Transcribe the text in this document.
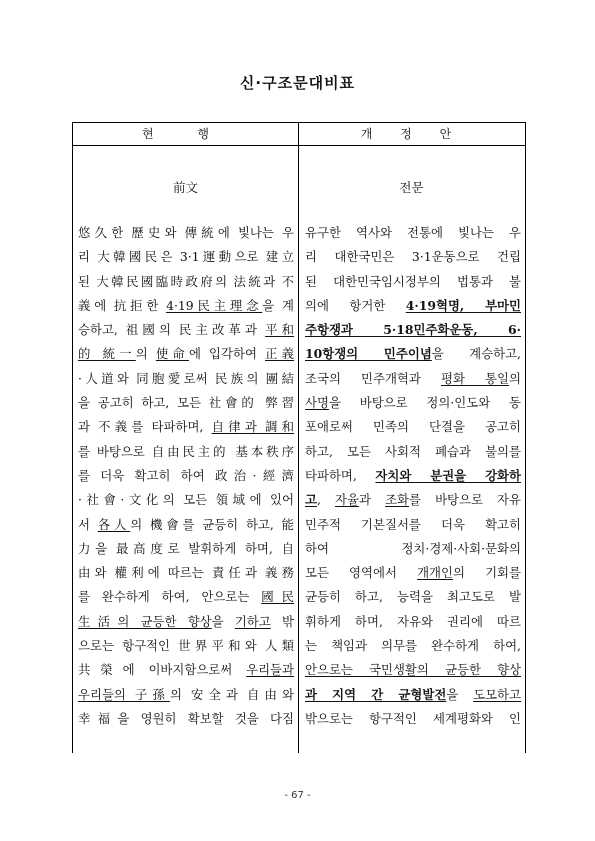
신·구조문대비표
현 행	개 정 안
前文	전문
悠久한 歷史와 傳統에 빛나는 우
리 大韓國民은 3·1運動으로 建立
된 大韓民國臨時政府의 法統과 不
義에 抗拒한 4·19民主理念을 계
승하고, 祖國의 民主改革과 平和
的 統一의 使命에 입각하여 正義
·人道와 同胞愛로써 民族의 團結
을 공고히 하고, 모든 社會的 弊習
과 不義를 타파하며, 自律과 調和
를 바탕으로 自由民主的 基本秩序
를 더욱 확고히 하여 政治·經濟
·社會·文化의 모든 領域에 있어
서 各人의 機會를 균등히 하고, 能
力을 最高度로 발휘하게 하며, 自
由와 權利에 따르는 責任과 義務
를 완수하게 하여, 안으로는 國民
生活의 균등한 향상을 기하고 밖
으로는 항구적인 世界平和와 人類
共榮에 이바지함으로써 우리들과
우리들의 子孫의 安全과 自由와
幸福을 영원히 확보할 것을 다짐
유구한 역사와 전통에 빛나는 우
리 대한국민은 3·1운동으로 건립
된 대한민국임시정부의 법통과 불
의에 항거한 4·19혁명, 부마민
주항쟁과 5·18민주화운동, 6·
10항쟁의 민주이념을 계승하고,
조국의 민주개혁과 평화 통일의
사명을 바탕으로 정의·인도와 동
포애로써 민족의 단결을 공고히
하고, 모든 사회적 폐습과 불의를
타파하며, 자치와 분권을 강화하
고, 자율과 조화를 바탕으로 자유
민주적 기본질서를 더욱 확고히
하여 정치·경제·사회·문화의
모든 영역에서 개개인의 기회를
균등히 하고, 능력을 최고도로 발
휘하게 하며, 자유와 권리에 따르
는 책임과 의무를 완수하게 하여,
안으로는 국민생활의 균등한 향상
과 지역 간 균형발전을 도모하고
밖으로는 항구적인 세계평화와 인
- 67 -
